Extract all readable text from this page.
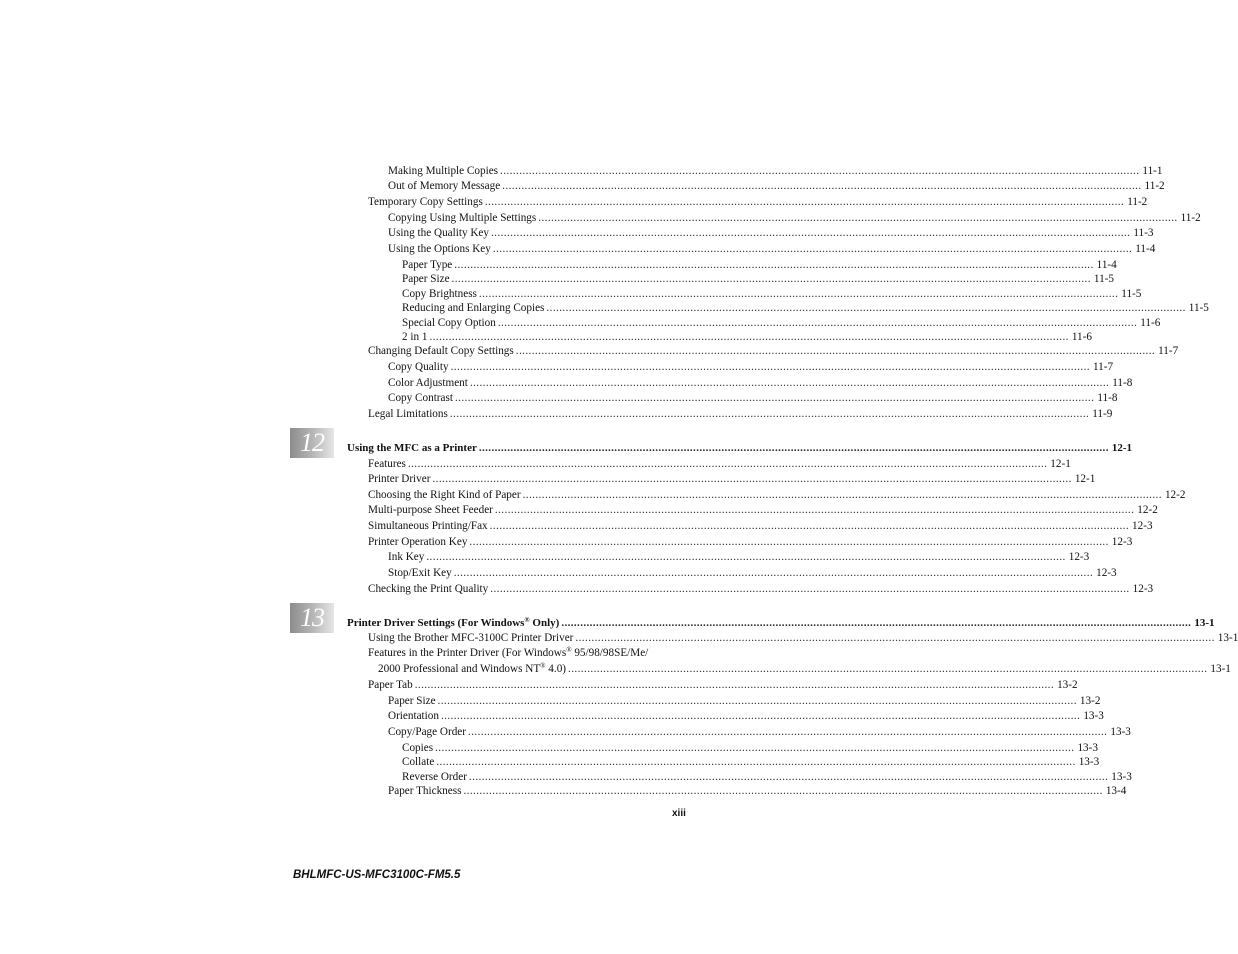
Making Multiple Copies ........................................................................................................................................................................................................ 11-1
Out of Memory Message ........................................................................................................................................................................................................ 11-2
Temporary Copy Settings ........................................................................................................................................................................................................ 11-2
Copying Using Multiple Settings ........................................................................................................................................................................................................ 11-2
Using the Quality Key ........................................................................................................................................................................................................ 11-3
Using the Options Key ........................................................................................................................................................................................................ 11-4
Paper Type ........................................................................................................................................................................................................ 11-4
Paper Size ........................................................................................................................................................................................................ 11-5
Copy Brightness ........................................................................................................................................................................................................ 11-5
Reducing and Enlarging Copies ........................................................................................................................................................................................................ 11-5
Special Copy Option ........................................................................................................................................................................................................ 11-6
2 in 1 ........................................................................................................................................................................................................ 11-6
Changing Default Copy Settings ........................................................................................................................................................................................................ 11-7
Copy Quality ........................................................................................................................................................................................................ 11-7
Color Adjustment ........................................................................................................................................................................................................ 11-8
Copy Contrast ........................................................................................................................................................................................................ 11-8
Legal Limitations ........................................................................................................................................................................................................ 11-9
Using the MFC as a Printer ........................................................................................................................................................................................................ 12-1
Features ........................................................................................................................................................................................................ 12-1
Printer Driver ........................................................................................................................................................................................................ 12-1
Choosing the Right Kind of Paper ........................................................................................................................................................................................................ 12-2
Multi-purpose Sheet Feeder ........................................................................................................................................................................................................ 12-2
Simultaneous Printing/Fax ........................................................................................................................................................................................................ 12-3
Printer Operation Key ........................................................................................................................................................................................................ 12-3
Ink Key ........................................................................................................................................................................................................ 12-3
Stop/Exit Key ........................................................................................................................................................................................................ 12-3
Checking the Print Quality ........................................................................................................................................................................................................ 12-3
Printer Driver Settings (For Windows® Only) ........................................................................................................................................................................................................ 13-1
Using the Brother MFC-3100C Printer Driver ........................................................................................................................................................................................................ 13-1
Features in the Printer Driver (For Windows® 95/98/98SE/Me/
2000 Professional and Windows NT® 4.0) ........................................................................................................................................................................................................ 13-1
Paper Tab ........................................................................................................................................................................................................ 13-2
Paper Size ........................................................................................................................................................................................................ 13-2
Orientation ........................................................................................................................................................................................................ 13-3
Copy/Page Order ........................................................................................................................................................................................................ 13-3
Copies ........................................................................................................................................................................................................ 13-3
Collate ........................................................................................................................................................................................................ 13-3
Reverse Order ........................................................................................................................................................................................................ 13-3
Paper Thickness ........................................................................................................................................................................................................ 13-4
12
13
xiii
BHLMFC-US-MFC3100C-FM5.5
